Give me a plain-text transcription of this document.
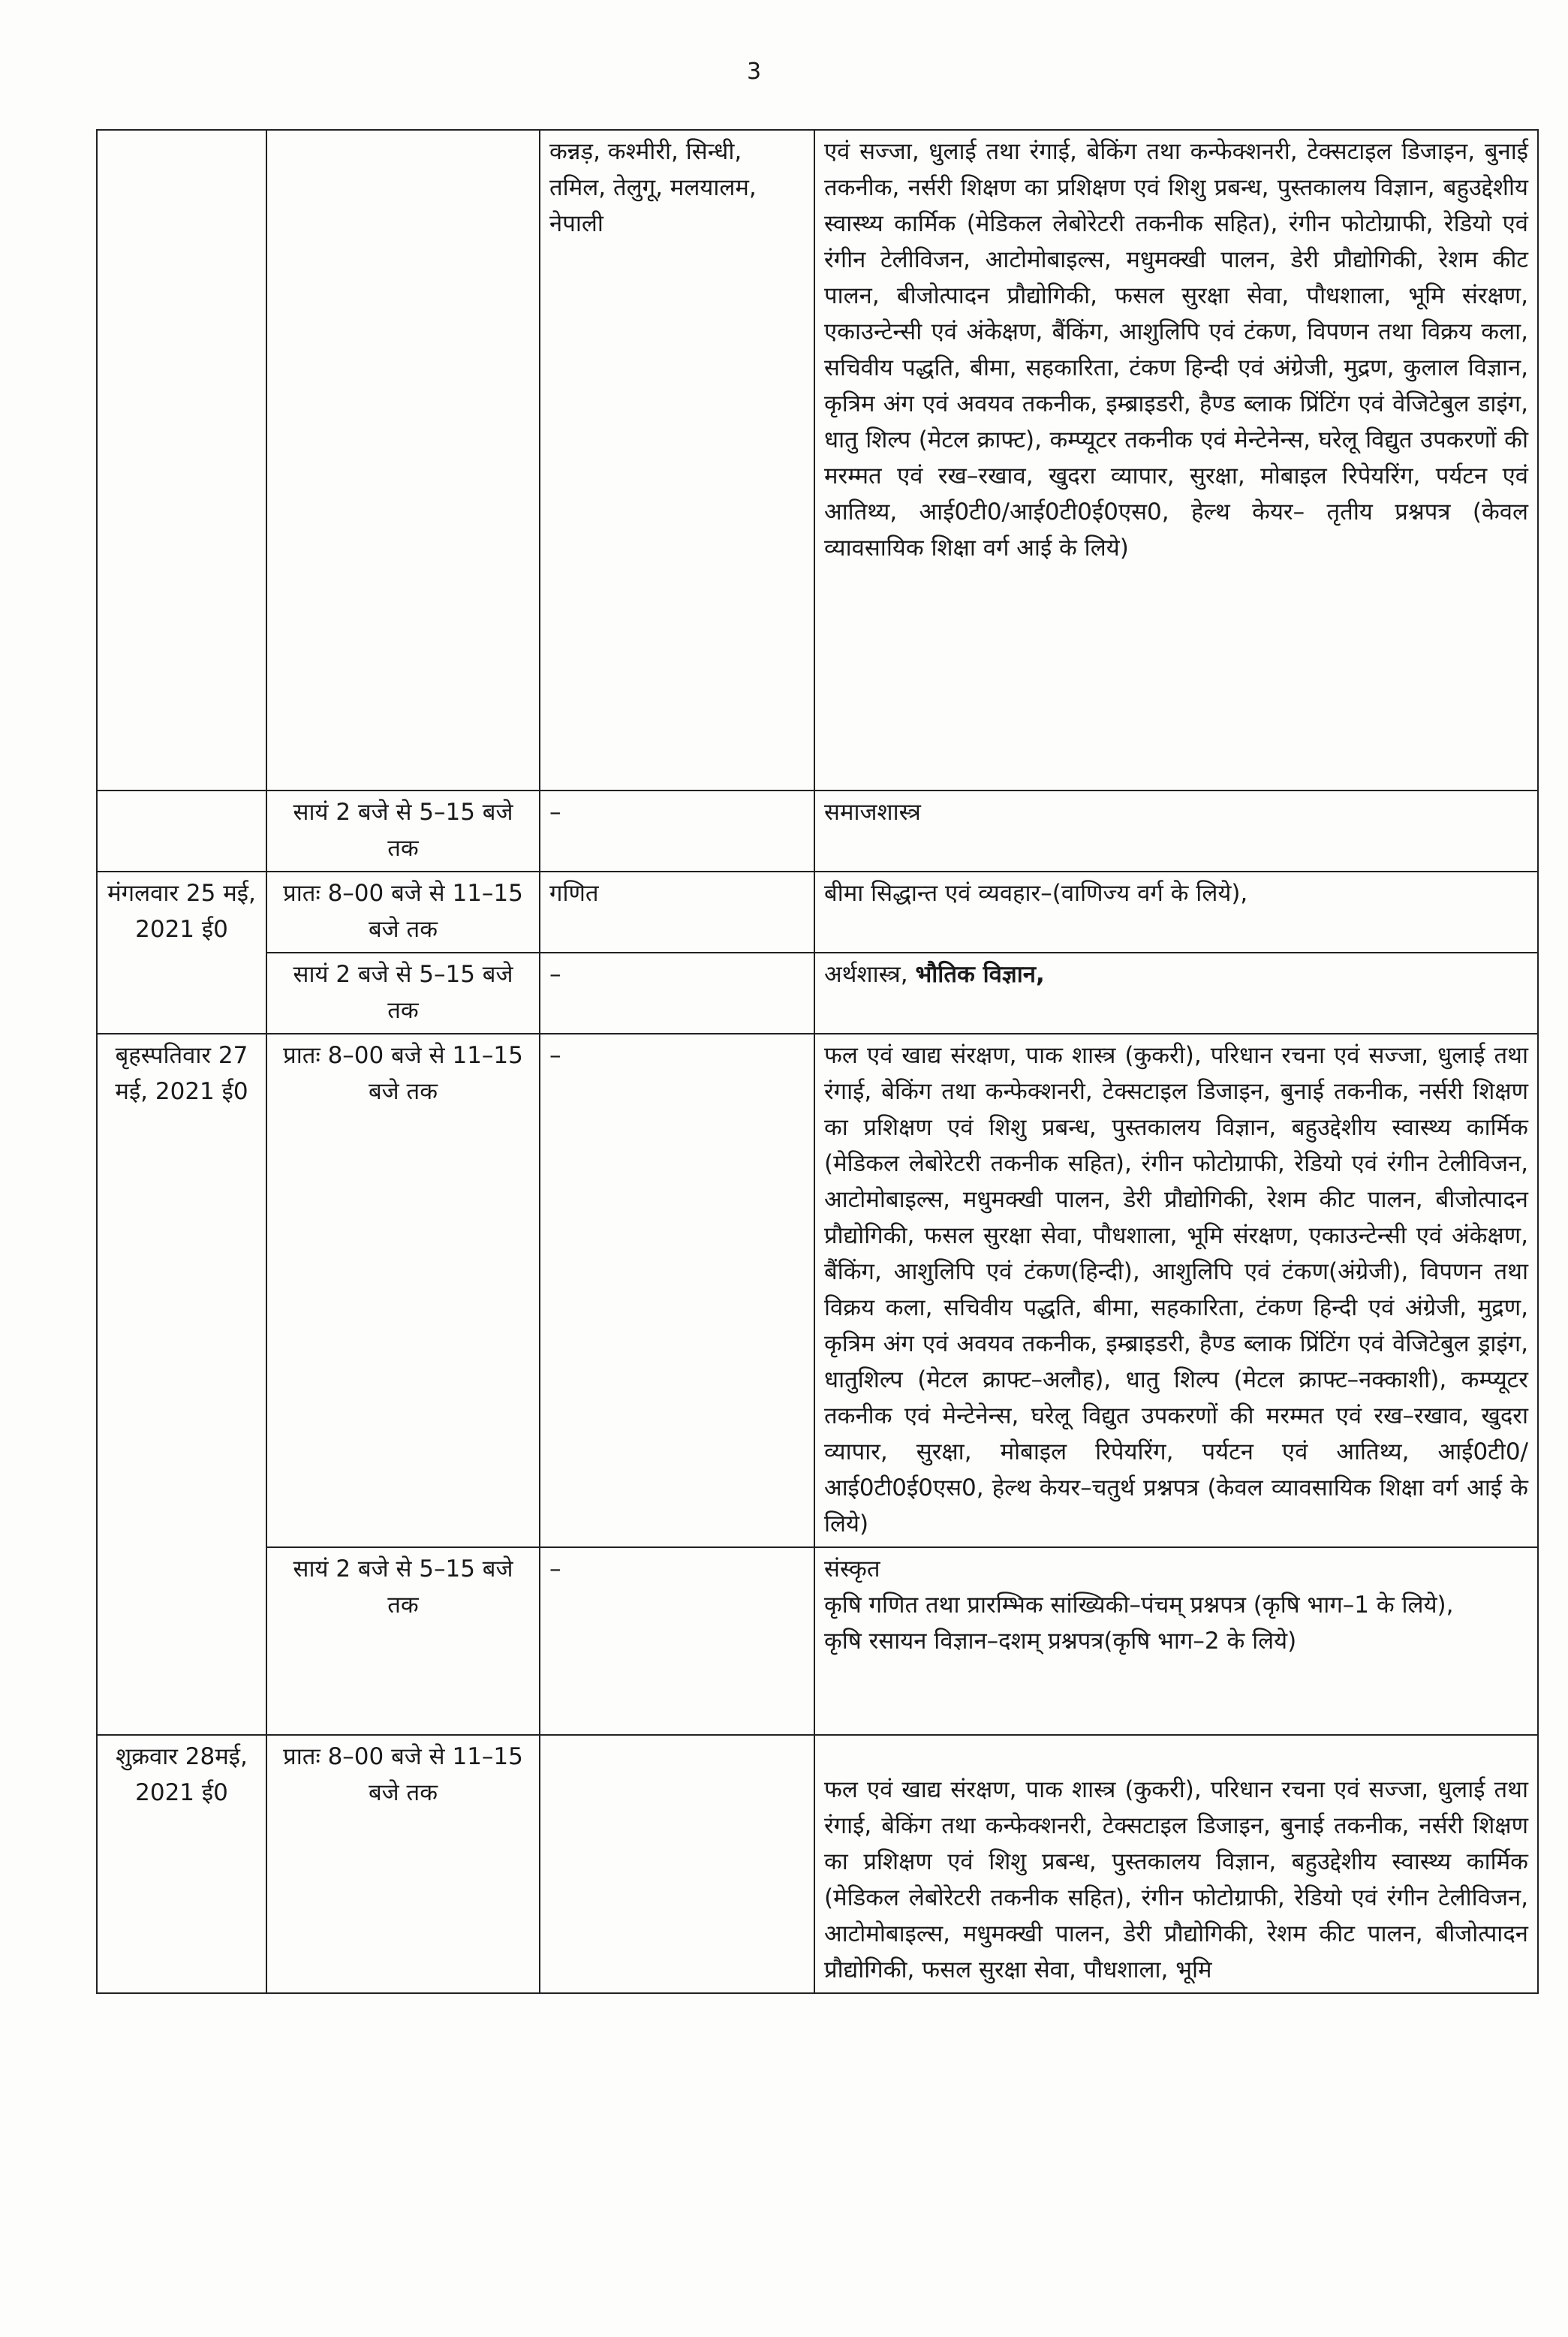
3
		कन्नड़, कश्मीरी, सिन्धी, तमिल, तेलुगू, मलयालम, नेपाली	एवं सज्जा, धुलाई तथा रंगाई, बेकिंग तथा कन्फेक्शनरी, टेक्सटाइल डिजाइन, बुनाई तकनीक, नर्सरी शिक्षण का प्रशिक्षण एवं शिशु प्रबन्ध, पुस्तकालय विज्ञान, बहुउद्देशीय स्वास्थ्य कार्मिक (मेडिकल लेबोरेटरी तकनीक सहित), रंगीन फोटोग्राफी, रेडियो एवं रंगीन टेलीविजन, आटोमोबाइल्स, मधुमक्खी पालन, डेरी प्रौद्योगिकी, रेशम कीट पालन, बीजोत्पादन प्रौद्योगिकी, फसल सुरक्षा सेवा, पौधशाला, भूमि संरक्षण, एकाउन्टेन्सी एवं अंकेक्षण, बैंकिंग, आशुलिपि एवं टंकण, विपणन तथा विक्रय कला, सचिवीय पद्धति, बीमा, सहकारिता, टंकण हिन्दी एवं अंग्रेजी, मुद्रण, कुलाल विज्ञान, कृत्रिम अंग एवं अवयव तकनीक, इम्ब्राइडरी, हैण्ड ब्लाक प्रिंटिंग एवं वेजिटेबुल डाइंग, धातु शिल्प (मेटल क्राफ्ट), कम्प्यूटर तकनीक एवं मेन्टेनेन्स, घरेलू विद्युत उपकरणों की मरम्मत एवं रख–रखाव, खुदरा व्यापार, सुरक्षा, मोबाइल रिपेयरिंग, पर्यटन एवं आतिथ्य, आई0टी0/आई0टी0ई0एस0, हेल्थ केयर– तृतीय प्रश्नपत्र (केवल व्यावसायिक शिक्षा वर्ग आई के लिये)
	सायं 2 बजे से 5–15 बजे तक	–	समाजशास्त्र
मंगलवार 25 मई, 2021 ई0	प्रातः 8–00 बजे से 11–15 बजे तक	गणित	बीमा सिद्धान्त एवं व्यवहार–(वाणिज्य वर्ग के लिये),
	सायं 2 बजे से 5–15 बजे तक	–	अर्थशास्त्र, भौतिक विज्ञान,
बृहस्पतिवार 27 मई, 2021 ई0	प्रातः 8–00 बजे से 11–15 बजे तक	–	फल एवं खाद्य संरक्षण, पाक शास्त्र (कुकरी), परिधान रचना एवं सज्जा, धुलाई तथा रंगाई, बेकिंग तथा कन्फेक्शनरी, टेक्सटाइल डिजाइन, बुनाई तकनीक, नर्सरी शिक्षण का प्रशिक्षण एवं शिशु प्रबन्ध, पुस्तकालय विज्ञान, बहुउद्देशीय स्वास्थ्य कार्मिक (मेडिकल लेबोरेटरी तकनीक सहित), रंगीन फोटोग्राफी, रेडियो एवं रंगीन टेलीविजन, आटोमोबाइल्स, मधुमक्खी पालन, डेरी प्रौद्योगिकी, रेशम कीट पालन, बीजोत्पादन प्रौद्योगिकी, फसल सुरक्षा सेवा, पौधशाला, भूमि संरक्षण, एकाउन्टेन्सी एवं अंकेक्षण, बैंकिंग, आशुलिपि एवं टंकण(हिन्दी), आशुलिपि एवं टंकण(अंग्रेजी), विपणन तथा विक्रय कला, सचिवीय पद्धति, बीमा, सहकारिता, टंकण हिन्दी एवं अंग्रेजी, मुद्रण, कृत्रिम अंग एवं अवयव तकनीक, इम्ब्राइडरी, हैण्ड ब्लाक प्रिंटिंग एवं वेजिटेबुल ड्राइंग, धातुशिल्प (मेटल क्राफ्ट–अलौह), धातु शिल्प (मेटल क्राफ्ट–नक्काशी), कम्प्यूटर तकनीक एवं मेन्टेनेन्स, घरेलू विद्युत उपकरणों की मरम्मत एवं रख–रखाव, खुदरा व्यापार, सुरक्षा, मोबाइल रिपेयरिंग, पर्यटन एवं आतिथ्य, आई0टी0/ आई0टी0ई0एस0, हेल्थ केयर–चतुर्थ प्रश्नपत्र (केवल व्यावसायिक शिक्षा वर्ग आई के लिये)
	सायं 2 बजे से 5–15 बजे तक	–	संस्कृत
कृषि गणित तथा प्रारम्भिक सांख्यिकी–पंचम् प्रश्नपत्र (कृषि भाग–1 के लिये),
कृषि रसायन विज्ञान–दशम् प्रश्नपत्र(कृषि भाग–2 के लिये)
शुक्रवार 28मई, 2021 ई0	प्रातः 8–00 बजे से 11–15 बजे तक		फल एवं खाद्य संरक्षण, पाक शास्त्र (कुकरी), परिधान रचना एवं सज्जा, धुलाई तथा रंगाई, बेकिंग तथा कन्फेक्शनरी, टेक्सटाइल डिजाइन, बुनाई तकनीक, नर्सरी शिक्षण का प्रशिक्षण एवं शिशु प्रबन्ध, पुस्तकालय विज्ञान, बहुउद्देशीय स्वास्थ्य कार्मिक (मेडिकल लेबोरेटरी तकनीक सहित), रंगीन फोटोग्राफी, रेडियो एवं रंगीन टेलीविजन, आटोमोबाइल्स, मधुमक्खी पालन, डेरी प्रौद्योगिकी, रेशम कीट पालन, बीजोत्पादन प्रौद्योगिकी, फसल सुरक्षा सेवा, पौधशाला, भूमि
